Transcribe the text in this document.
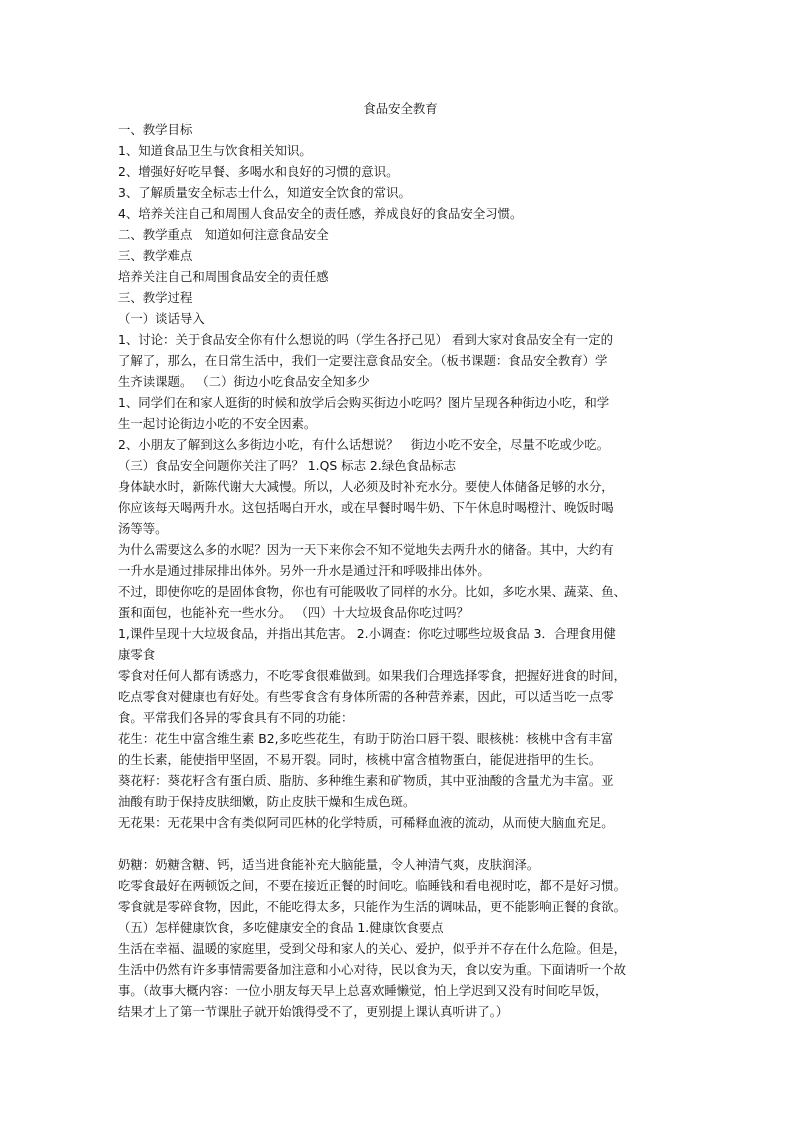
食品安全教育

一、教学目标

1、知道食品卫生与饮食相关知识。

2、增强好好吃早餐、多喝水和良好的习惯的意识。

3、了解质量安全标志士什么，知道安全饮食的常识。

4、培养关注自己和周围人食品安全的责任感，养成良好的食品安全习惯。

二、教学重点　知道如何注意食品安全

三、教学难点

培养关注自己和周围食品安全的责任感

三、教学过程

（一）谈话导入

1、讨论：关于食品安全你有什么想说的吗（学生各抒己见） 看到大家对食品安全有一定的

了解了，那么，在日常生活中，我们一定要注意食品安全。（板书课题：食品安全教育）学

生齐读课题。 （二）街边小吃食品安全知多少

1、同学们在和家人逛街的时候和放学后会购买街边小吃吗？图片呈现各种街边小吃，和学

生一起讨论街边小吃的不安全因素。

2、小朋友了解到这么多街边小吃，有什么话想说？　街边小吃不安全，尽量不吃或少吃。

（三）食品安全问题你关注了吗？ 1.QS 标志 2.绿色食品标志

身体缺水时，新陈代谢大大减慢。所以，人必须及时补充水分。要使人体储备足够的水分，

你应该每天喝两升水。这包括喝白开水，或在早餐时喝牛奶、下午休息时喝橙汁、晚饭时喝

汤等等。

为什么需要这么多的水呢？因为一天下来你会不知不觉地失去两升水的储备。其中，大约有

一升水是通过排尿排出体外。另外一升水是通过汗和呼吸排出体外。

不过，即使你吃的是固体食物，你也有可能吸收了同样的水分。比如，多吃水果、蔬菜、鱼、

蛋和面包，也能补充一些水分。 （四）十大垃圾食品你吃过吗？

1,课件呈现十大垃圾食品，并指出其危害。 2.小调查：你吃过哪些垃圾食品 3．合理食用健

康零食

零食对任何人都有诱惑力，不吃零食很难做到。如果我们合理选择零食，把握好进食的时间，

吃点零食对健康也有好处。有些零食含有身体所需的各种营养素，因此，可以适当吃一点零

食。平常我们各异的零食具有不同的功能：

花生：花生中富含维生素 B2,多吃些花生，有助于防治口唇干裂、眼核桃：核桃中含有丰富

的生长素，能使指甲坚固，不易开裂。同时，核桃中富含植物蛋白，能促进指甲的生长。

葵花籽：葵花籽含有蛋白质、脂肪、多种维生素和矿物质，其中亚油酸的含量尤为丰富。亚

油酸有助于保持皮肤细嫩，防止皮肤干燥和生成色斑。

无花果：无花果中含有类似阿司匹林的化学特质，可稀释血液的流动，从而使大脑血充足。

奶糖：奶糖含糖、钙，适当进食能补充大脑能量，令人神清气爽，皮肤润泽。

吃零食最好在两顿饭之间，不要在接近正餐的时间吃。临睡钱和看电视时吃，都不是好习惯。

零食就是零碎食物，因此，不能吃得太多，只能作为生活的调味品，更不能影响正餐的食欲。

（五）怎样健康饮食，多吃健康安全的食品 1.健康饮食要点

生活在幸福、温暖的家庭里，受到父母和家人的关心、爱护，似乎并不存在什么危险。但是，

生活中仍然有许多事情需要备加注意和小心对待，民以食为天，食以安为重。下面请听一个故

事。（故事大概内容：一位小朋友每天早上总喜欢睡懒觉，怕上学迟到又没有时间吃早饭，

结果才上了第一节课肚子就开始饿得受不了，更别提上课认真听讲了。）
